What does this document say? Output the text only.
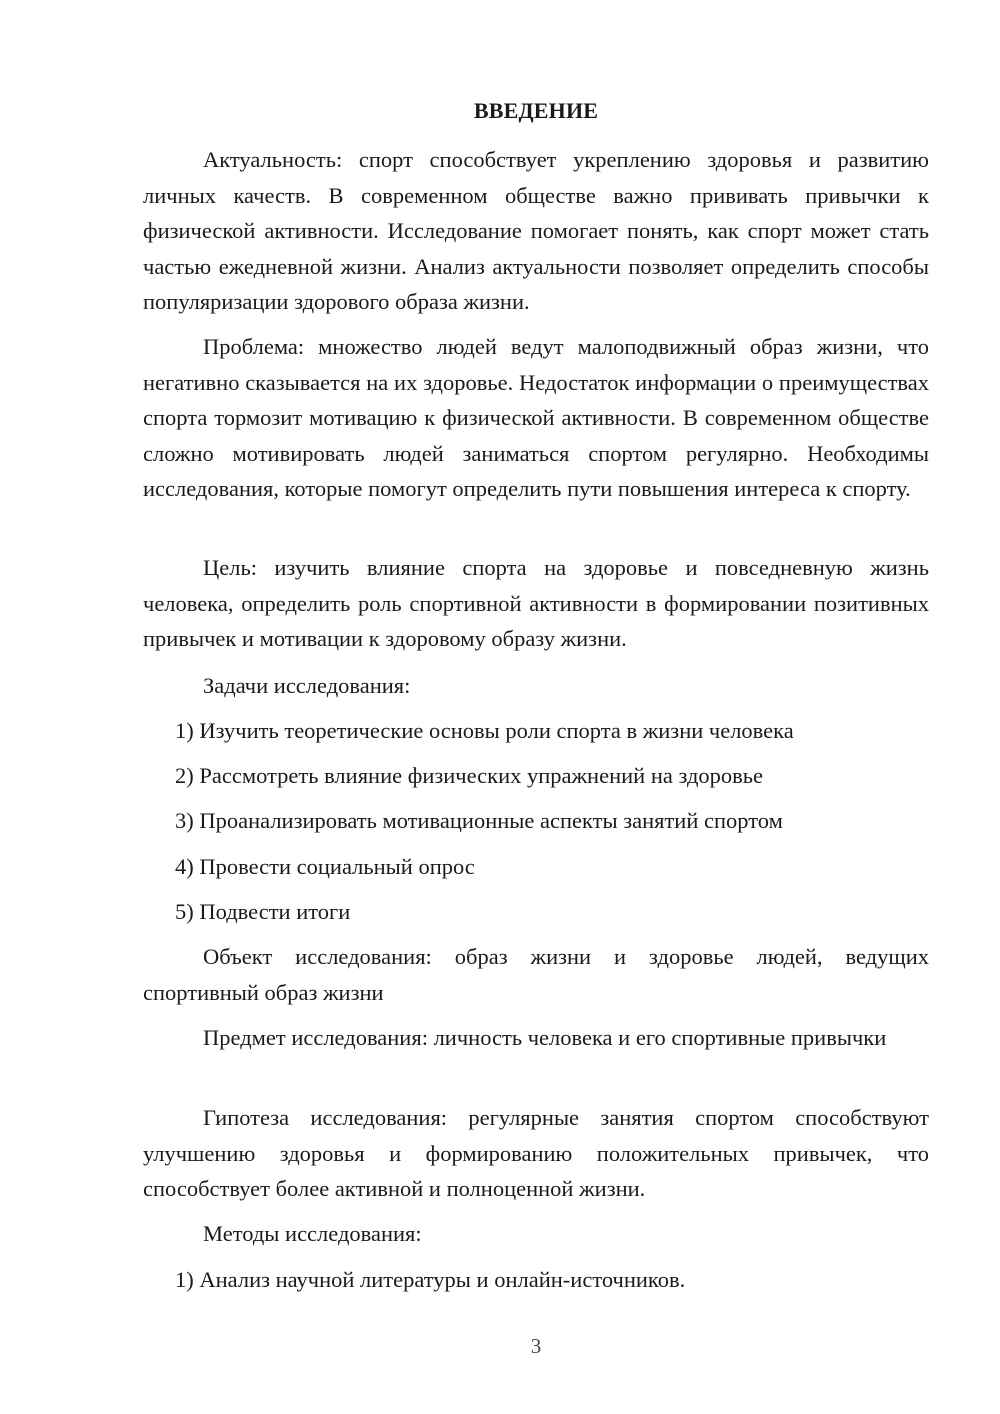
ВВЕДЕНИЕ

Актуальность: спорт способствует укреплению здоровья и развитию личных качеств. В современном обществе важно прививать привычки к физической активности. Исследование помогает понять, как спорт может стать частью ежедневной жизни. Анализ актуальности позволяет определить способы популяризации здорового образа жизни.

Проблема: множество людей ведут малоподвижный образ жизни, что негативно сказывается на их здоровье. Недостаток информации о преимуществах спорта тормозит мотивацию к физической активности. В современном обществе сложно мотивировать людей заниматься спортом регулярно. Необходимы исследования, которые помогут определить пути повышения интереса к спорту.

Цель: изучить влияние спорта на здоровье и повседневную жизнь человека, определить роль спортивной активности в формировании позитивных привычек и мотивации к здоровому образу жизни.

Задачи исследования:

1) Изучить теоретические основы роли спорта в жизни человека

2) Рассмотреть влияние физических упражнений на здоровье

3) Проанализировать мотивационные аспекты занятий спортом

4) Провести социальный опрос

5) Подвести итоги

Объект исследования: образ жизни и здоровье людей, ведущих спортивный образ жизни

Предмет исследования: личность человека и его спортивные привычки

Гипотеза исследования: регулярные занятия спортом способствуют улучшению здоровья и формированию положительных привычек, что способствует более активной и полноценной жизни.

Методы исследования:

1) Анализ научной литературы и онлайн-источников.

3
